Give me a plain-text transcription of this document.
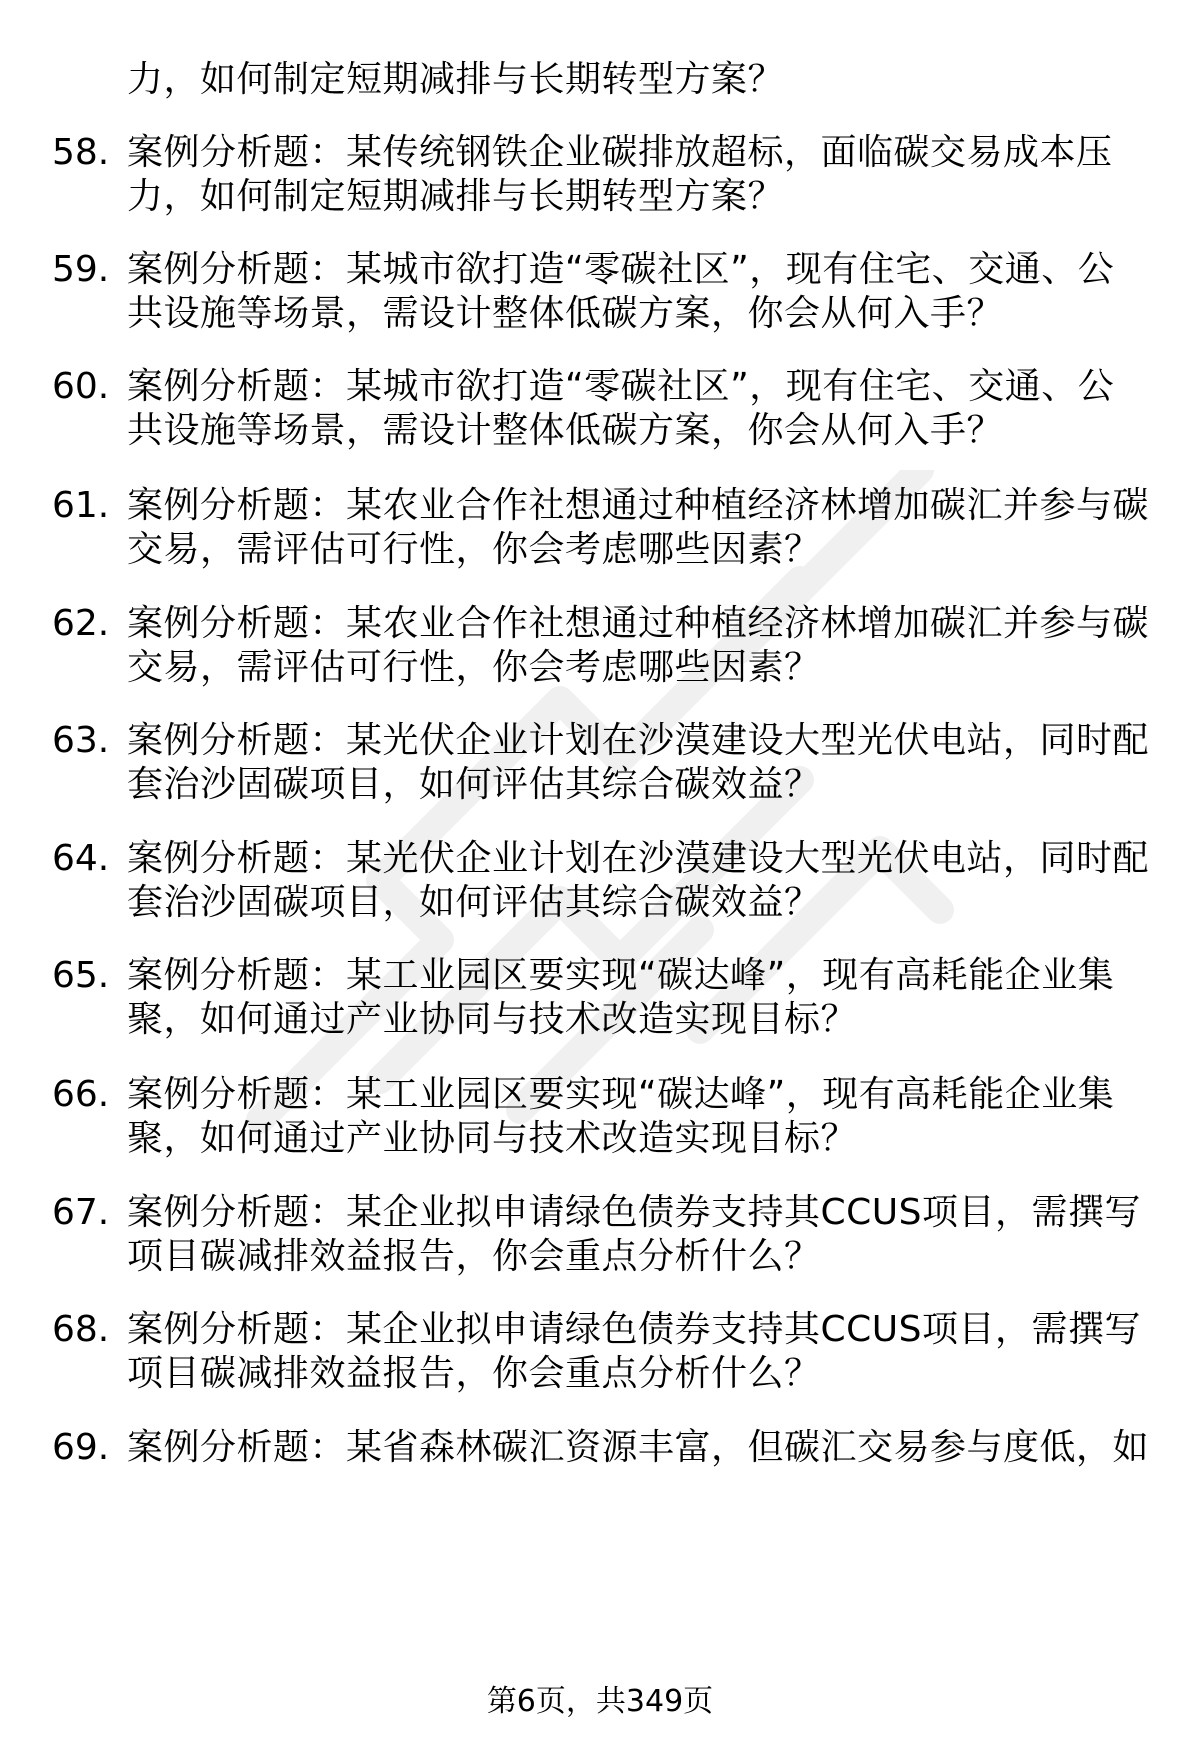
力，如何制定短期减排与长期转型方案？
58. 案例分析题：某传统钢铁企业碳排放超标，面临碳交易成本压
力，如何制定短期减排与长期转型方案？
59. 案例分析题：某城市欲打造“零碳社区”，现有住宅、交通、公
共设施等场景，需设计整体低碳方案，你会从何入手？
60. 案例分析题：某城市欲打造“零碳社区”，现有住宅、交通、公
共设施等场景，需设计整体低碳方案，你会从何入手？
61. 案例分析题：某农业合作社想通过种植经济林增加碳汇并参与碳
交易，需评估可行性，你会考虑哪些因素？
62. 案例分析题：某农业合作社想通过种植经济林增加碳汇并参与碳
交易，需评估可行性，你会考虑哪些因素？
63. 案例分析题：某光伏企业计划在沙漠建设大型光伏电站，同时配
套治沙固碳项目，如何评估其综合碳效益？
64. 案例分析题：某光伏企业计划在沙漠建设大型光伏电站，同时配
套治沙固碳项目，如何评估其综合碳效益？
65. 案例分析题：某工业园区要实现“碳达峰”，现有高耗能企业集
聚，如何通过产业协同与技术改造实现目标？
66. 案例分析题：某工业园区要实现“碳达峰”，现有高耗能企业集
聚，如何通过产业协同与技术改造实现目标？
67. 案例分析题：某企业拟申请绿色债券支持其CCUS项目，需撰写
项目碳减排效益报告，你会重点分析什么？
68. 案例分析题：某企业拟申请绿色债券支持其CCUS项目，需撰写
项目碳减排效益报告，你会重点分析什么？
69. 案例分析题：某省森林碳汇资源丰富，但碳汇交易参与度低，如
第6页，共349页
